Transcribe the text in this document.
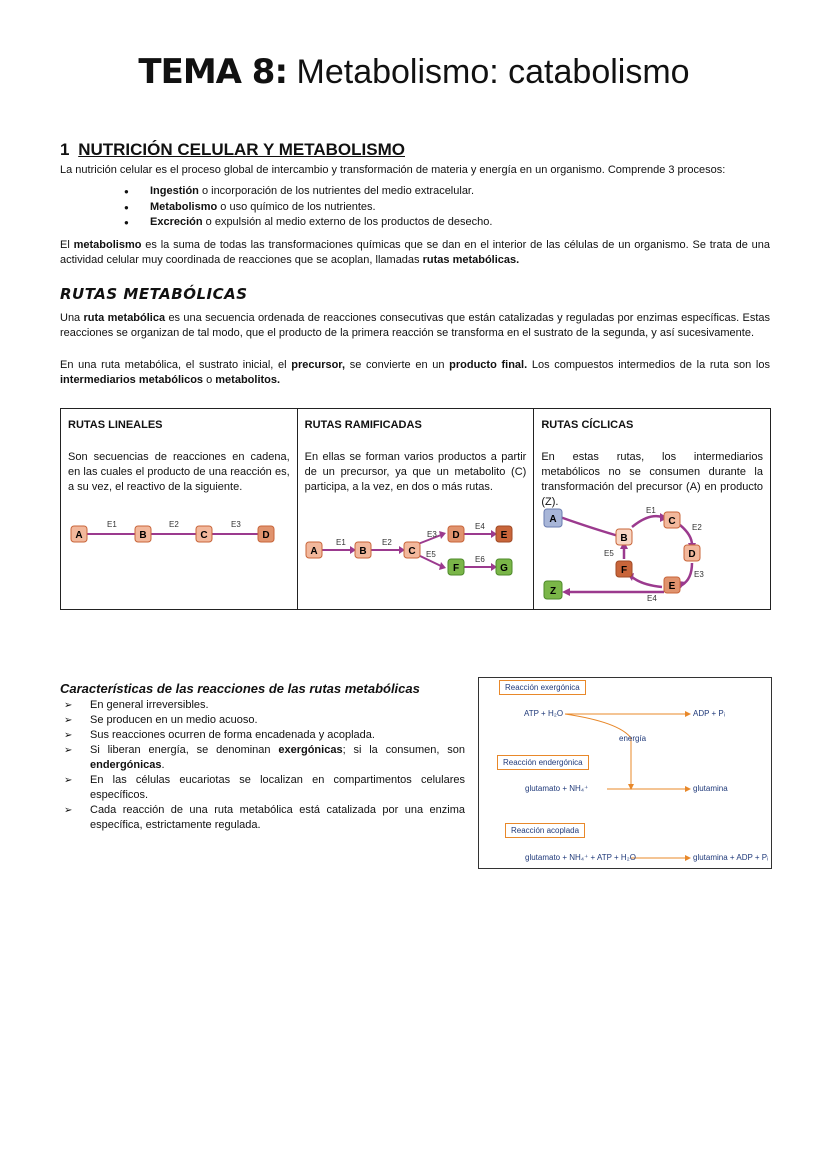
TEMA 8: Metabolismo: catabolismo
1 NUTRICIÓN CELULAR Y METABOLISMO
La nutrición celular es el proceso global de intercambio y transformación de materia y energía en un organismo. Comprende 3 procesos:
● Ingestión o incorporación de los nutrientes del medio extracelular.
● Metabolismo o uso químico de los nutrientes.
● Excreción o expulsión al medio externo de los productos de desecho.
El metabolismo es la suma de todas las transformaciones químicas que se dan en el interior de las células de un organismo. Se trata de una actividad celular muy coordinada de reacciones que se acoplan, llamadas rutas metabólicas.
RUTAS METABÓLICAS
Una ruta metabólica es una secuencia ordenada de reacciones consecutivas que están catalizadas y reguladas por enzimas específicas. Estas reacciones se organizan de tal modo, que el producto de la primera reacción se transforma en el sustrato de la segunda, y así sucesivamente.
En una ruta metabólica, el sustrato inicial, el precursor, se convierte en un producto final. Los compuestos intermedios de la ruta son los intermediarios metabólicos o metabolitos.
RUTAS LINEALES
Son secuencias de reacciones en cadena, en las cuales el producto de una reacción es, a su vez, el reactivo de la siguiente.
E1	E2	E3
A	B	C	D

RUTAS RAMIFICADAS
En ellas se forman varios productos a partir de un precursor, ya que un metabolito (C) participa, a la vez, en dos o más rutas.
E1	E2
E3
E5
E4
E6
A	B	C
D	E
F	G

RUTAS CÍCLICAS
En estas rutas, los intermediarios metabólicos no se consumen durante la transformación del precursor (A) en producto (Z).
E1
E2
E3
E4
E5
A
B
C
D
E
F
Z
Características de las reacciones de las rutas metabólicas
➢ En general irreversibles.
➢ Se producen en un medio acuoso.
➢ Sus reacciones ocurren de forma encadenada y acoplada.
➢ Si liberan energía, se denominan exergónicas; si la consumen, son endergónicas.
➢ En las células eucariotas se localizan en compartimentos celulares específicos.
➢ Cada reacción de una ruta metabólica está catalizada por una enzima específica, estrictamente regulada.
Reacción exergónica
ATP + H₂O	ADP + Pᵢ
energía
Reacción endergónica
glutamato + NH₄⁺	glutamina
Reacción acoplada
glutamato + NH₄⁺ + ATP + H₂O	glutamina + ADP + Pᵢ
